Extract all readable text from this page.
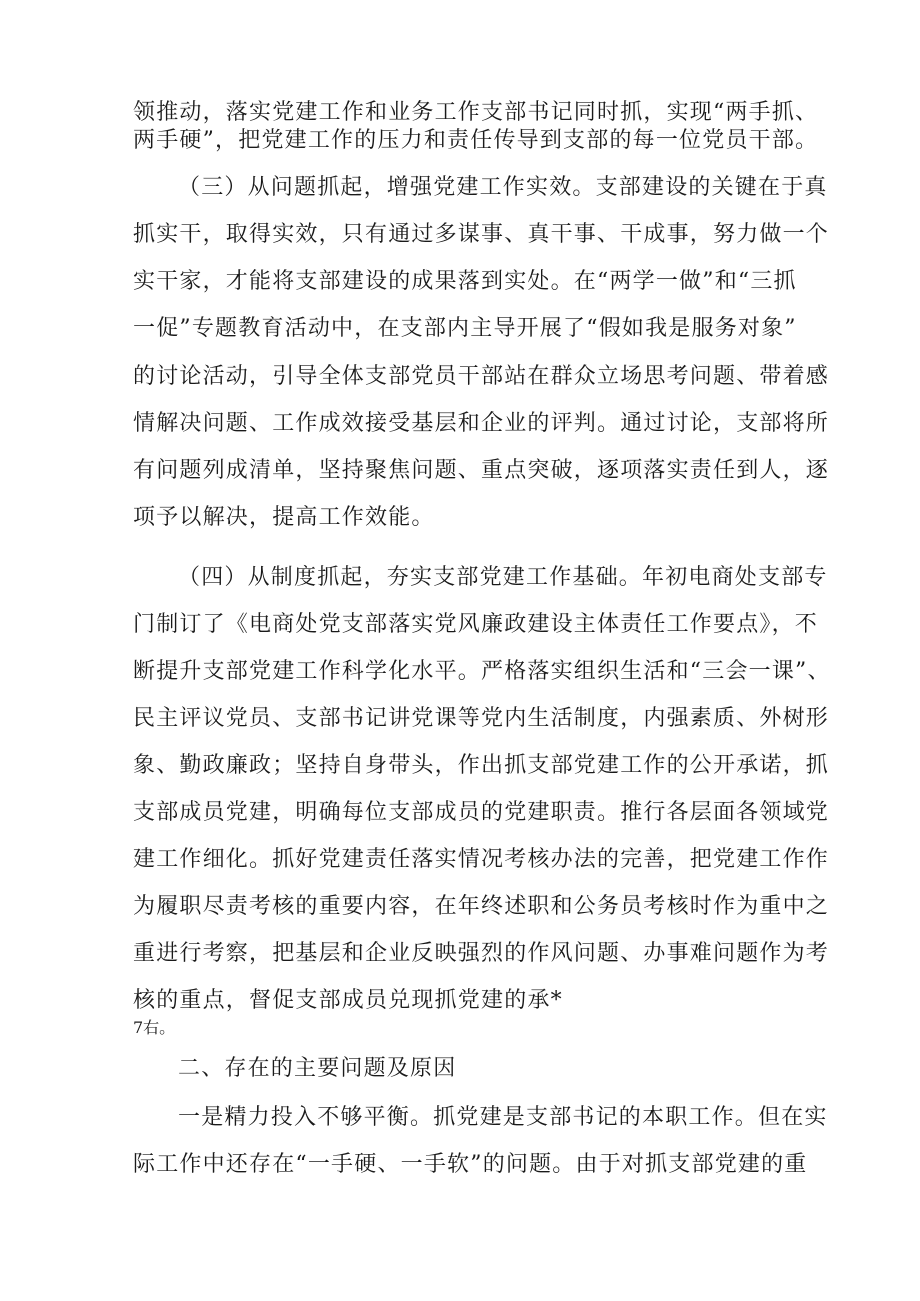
领推动，落实党建工作和业务工作支部书记同时抓，实现“两手抓、
两手硬”，把党建工作的压力和责任传导到支部的每一位党员干部。
（三）从问题抓起，增强党建工作实效。支部建设的关键在于真
抓实干，取得实效，只有通过多谋事、真干事、干成事，努力做一个
实干家，才能将支部建设的成果落到实处。在“两学一做”和“三抓
一促”专题教育活动中，在支部内主导开展了“假如我是服务对象”
的讨论活动，引导全体支部党员干部站在群众立场思考问题、带着感
情解决问题、工作成效接受基层和企业的评判。通过讨论，支部将所
有问题列成清单，坚持聚焦问题、重点突破，逐项落实责任到人，逐
项予以解决，提高工作效能。
（四）从制度抓起，夯实支部党建工作基础。年初电商处支部专
门制订了《电商处党支部落实党风廉政建设主体责任工作要点》，不
断提升支部党建工作科学化水平。严格落实组织生活和“三会一课”、
民主评议党员、支部书记讲党课等党内生活制度，内强素质、外树形
象、勤政廉政；坚持自身带头，作出抓支部党建工作的公开承诺，抓
支部成员党建，明确每位支部成员的党建职责。推行各层面各领域党
建工作细化。抓好党建责任落实情况考核办法的完善，把党建工作作
为履职尽责考核的重要内容，在年终述职和公务员考核时作为重中之
重进行考察，把基层和企业反映强烈的作风问题、办事难问题作为考
核的重点，督促支部成员兑现抓党建的承*
7右。
二、存在的主要问题及原因
一是精力投入不够平衡。抓党建是支部书记的本职工作。但在实
际工作中还存在“一手硬、一手软”的问题。由于对抓支部党建的重
